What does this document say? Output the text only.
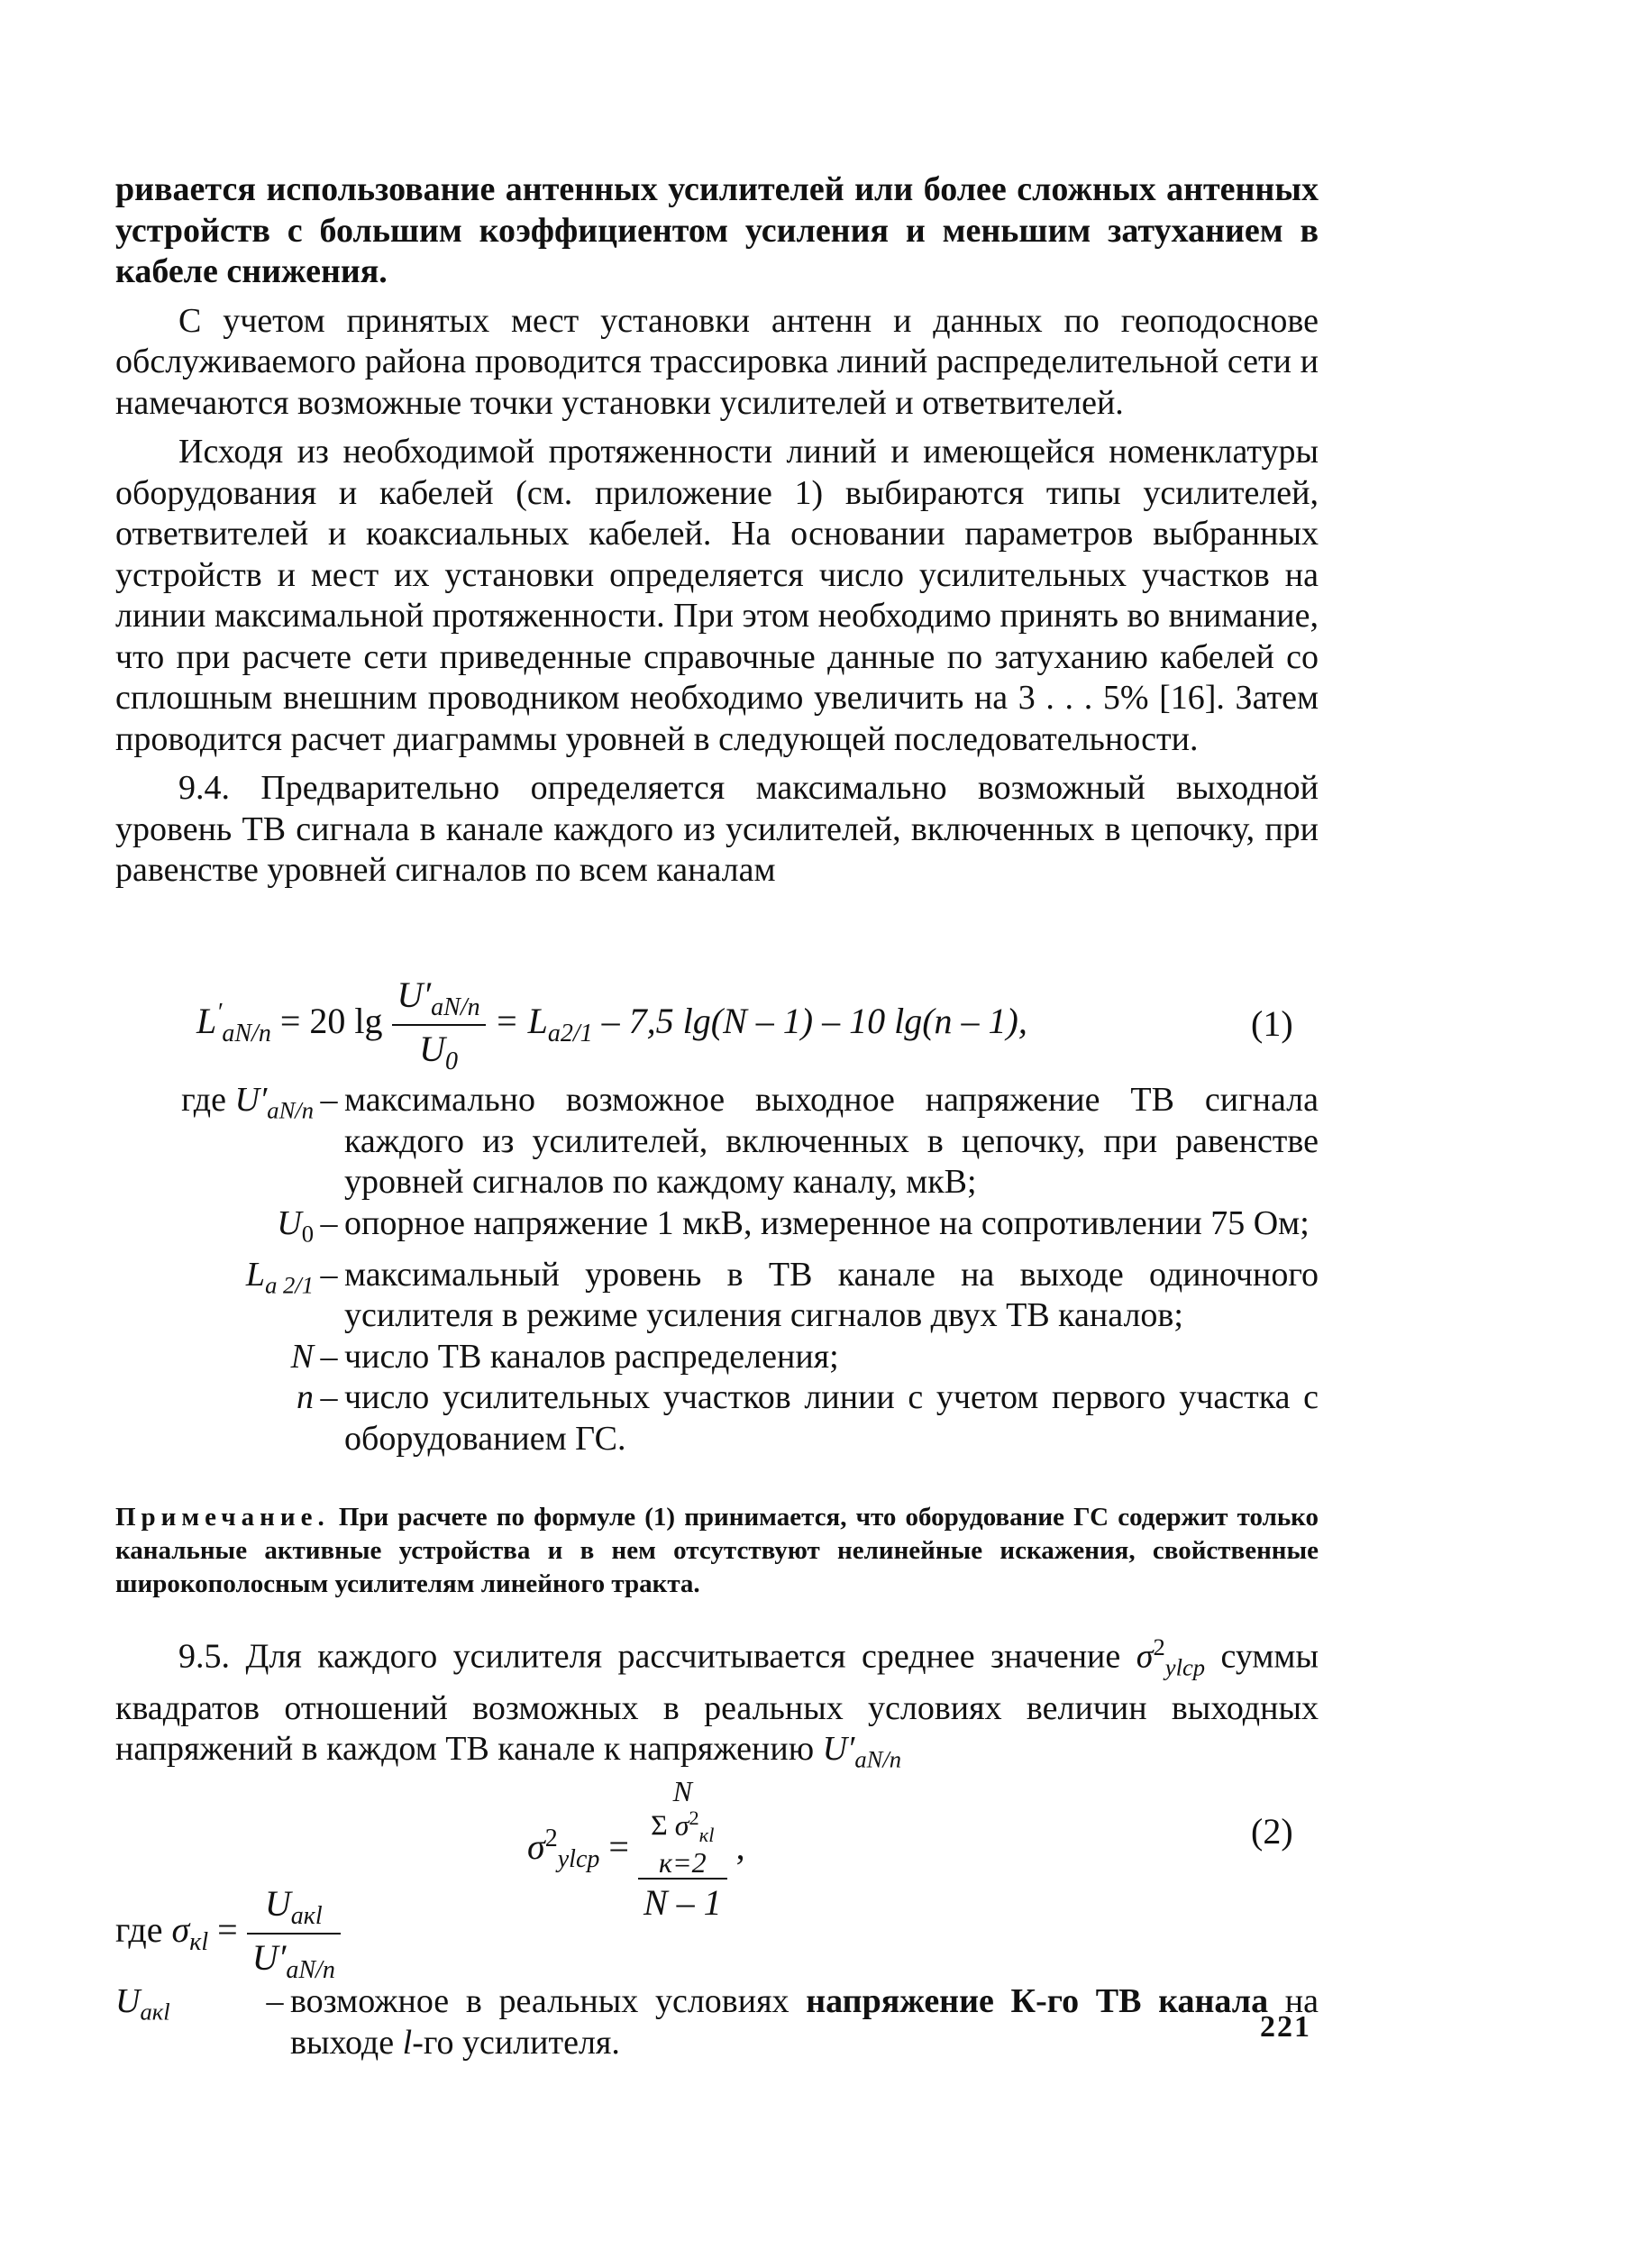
ривается использование антенных усилителей или более сложных антенных устройств с большим коэффициентом усиления и меньшим затуханием в кабеле снижения.

С учетом принятых мест установки антенн и данных по геоподоснове обслуживаемого района проводится трассировка линий распределительной сети и намечаются возможные точки установки усилителей и ответвителей.

Исходя из необходимой протяженности линий и имеющейся номенклатуры оборудования и кабелей (см. приложение 1) выбираются типы усилителей, ответвителей и коаксиальных кабелей. На основании параметров выбранных устройств и мест их установки определяется число усилительных участков на линии максимальной протяженности. При этом необходимо принять во внимание, что при расчете сети приведенные справочные данные по затуханию кабелей со сплошным внешним проводником необходимо увеличить на 3 . . . 5% [16]. Затем проводится расчет диаграммы уровней в следующей последовательности.

9.4. Предварительно определяется максимально возможный выходной уровень ТВ сигнала в канале каждого из усилителей, включенных в цепочку, при равенстве уровней сигналов по всем каналам

$L'_{aN/n} = 20$ $\lg \frac{U'_{aN/n}}{U_0} = L_{a2/1} - 7,5$ lg(N – 1) – 10 lg(n – 1),	(1)
где $U'_{aN/n}$ – максимально возможное выходное напряжение ТВ сигнала каждого из усилителей, включенных в цепочку, при равенстве уровней сигналов по каждому каналу, мкВ;
$U_0$ – опорное напряжение 1 мкВ, измеренное на сопротивлении 75 Ом;
$L_{a 2/1}$ – максимальный уровень в ТВ канале на выходе одиночного усилителя в режиме усиления сигналов двух ТВ каналов;
N – число ТВ каналов распределения;
n – число усилительных участков линии с учетом первого участка с оборудованием ГС.
Примечание. При расчете по формуле (1) принимается, что оборудование ГС содержит только канальные активные устройства и в нем отсутствуют нелинейные искажения, свойственные широкополосным усилителям линейного тракта.

9.5. Для каждого усилителя рассчитывается среднее значение $\sigma^2_{ylср}$ суммы квадратов отношений возможных в реальных условиях величин выходных напряжений в каждом ТВ канале к напряжению $U'_{aN/n}$

$\sigma^2_{ylср} = N$
Σ $\sigma^2_{кl}$
к=2
N – 1 ,	(2)
где $\sigma_{кl} = \frac{U_{aкl}}{U'_{aN/n}}$
$U_{aкl}$	– возможное в реальных условиях напряжение К-го ТВ канала на выходе l-го усилителя.	221
